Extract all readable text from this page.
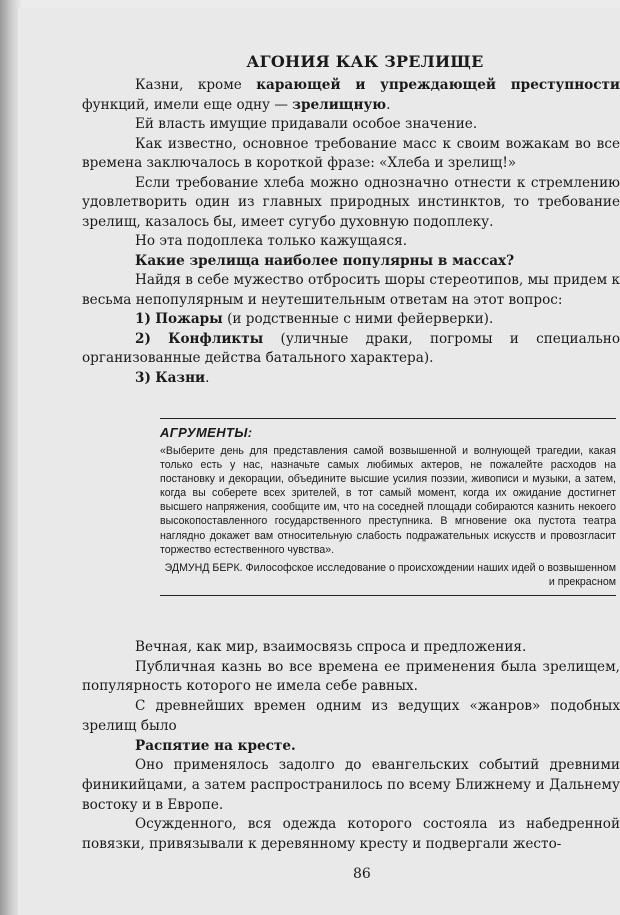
АГОНИЯ КАК ЗРЕЛИЩЕ

Казни, кроме карающей и упреждающей преступности функций, имели еще одну — зрелищную.

Ей власть имущие придавали особое значение.

Как известно, основное требование масс к своим вожакам во все времена заключалось в короткой фразе: «Хлеба и зрелищ!»

Если требование хлеба можно однозначно отнести к стремлению удовлетворить один из главных природных инстинктов, то требование зрелищ, казалось бы, имеет сугубо духовную подоплеку.

Но эта подоплека только кажущаяся.

Какие зрелища наиболее популярны в массах?

Найдя в себе мужество отбросить шоры стереотипов, мы придем к весьма непопулярным и неутешительным ответам на этот вопрос:

1) Пожары (и родственные с ними фейерверки).

2) Конфликты (уличные драки, погромы и специально организованные действа батального характера).

3) Казни.

АГРУМЕНТЫ:

«Выберите день для представления самой возвышенной и волнующей трагедии, какая только есть у нас, назначьте самых любимых актеров, не пожалейте расходов на постановку и декорации, объедините высшие усилия поэзии, живописи и музыки, а затем, когда вы соберете всех зрителей, в тот самый момент, когда их ожидание достигнет высшего напряжения, сообщите им, что на соседней площади собираются казнить некоего высокопоставленного государственного преступника. В мгновение ока пустота театра наглядно докажет вам относительную слабость подражательных искусств и провозгласит торжество естественного чувства».

ЭДМУНД БЕРК. Философское исследование о происхождении наших идей о возвышенном и прекрасном

Вечная, как мир, взаимосвязь спроса и предложения.

Публичная казнь во все времена ее применения была зрелищем, популярность которого не имела себе равных.

С древнейших времен одним из ведущих «жанров» подобных зрелищ было

Распятие на кресте.

Оно применялось задолго до евангельских событий древними финикийцами, а затем распространилось по всему Ближнему и Дальнему востоку и в Европе.

Осужденного, вся одежда которого состояла из набедренной повязки, привязывали к деревянному кресту и подвергали жесто-

86
